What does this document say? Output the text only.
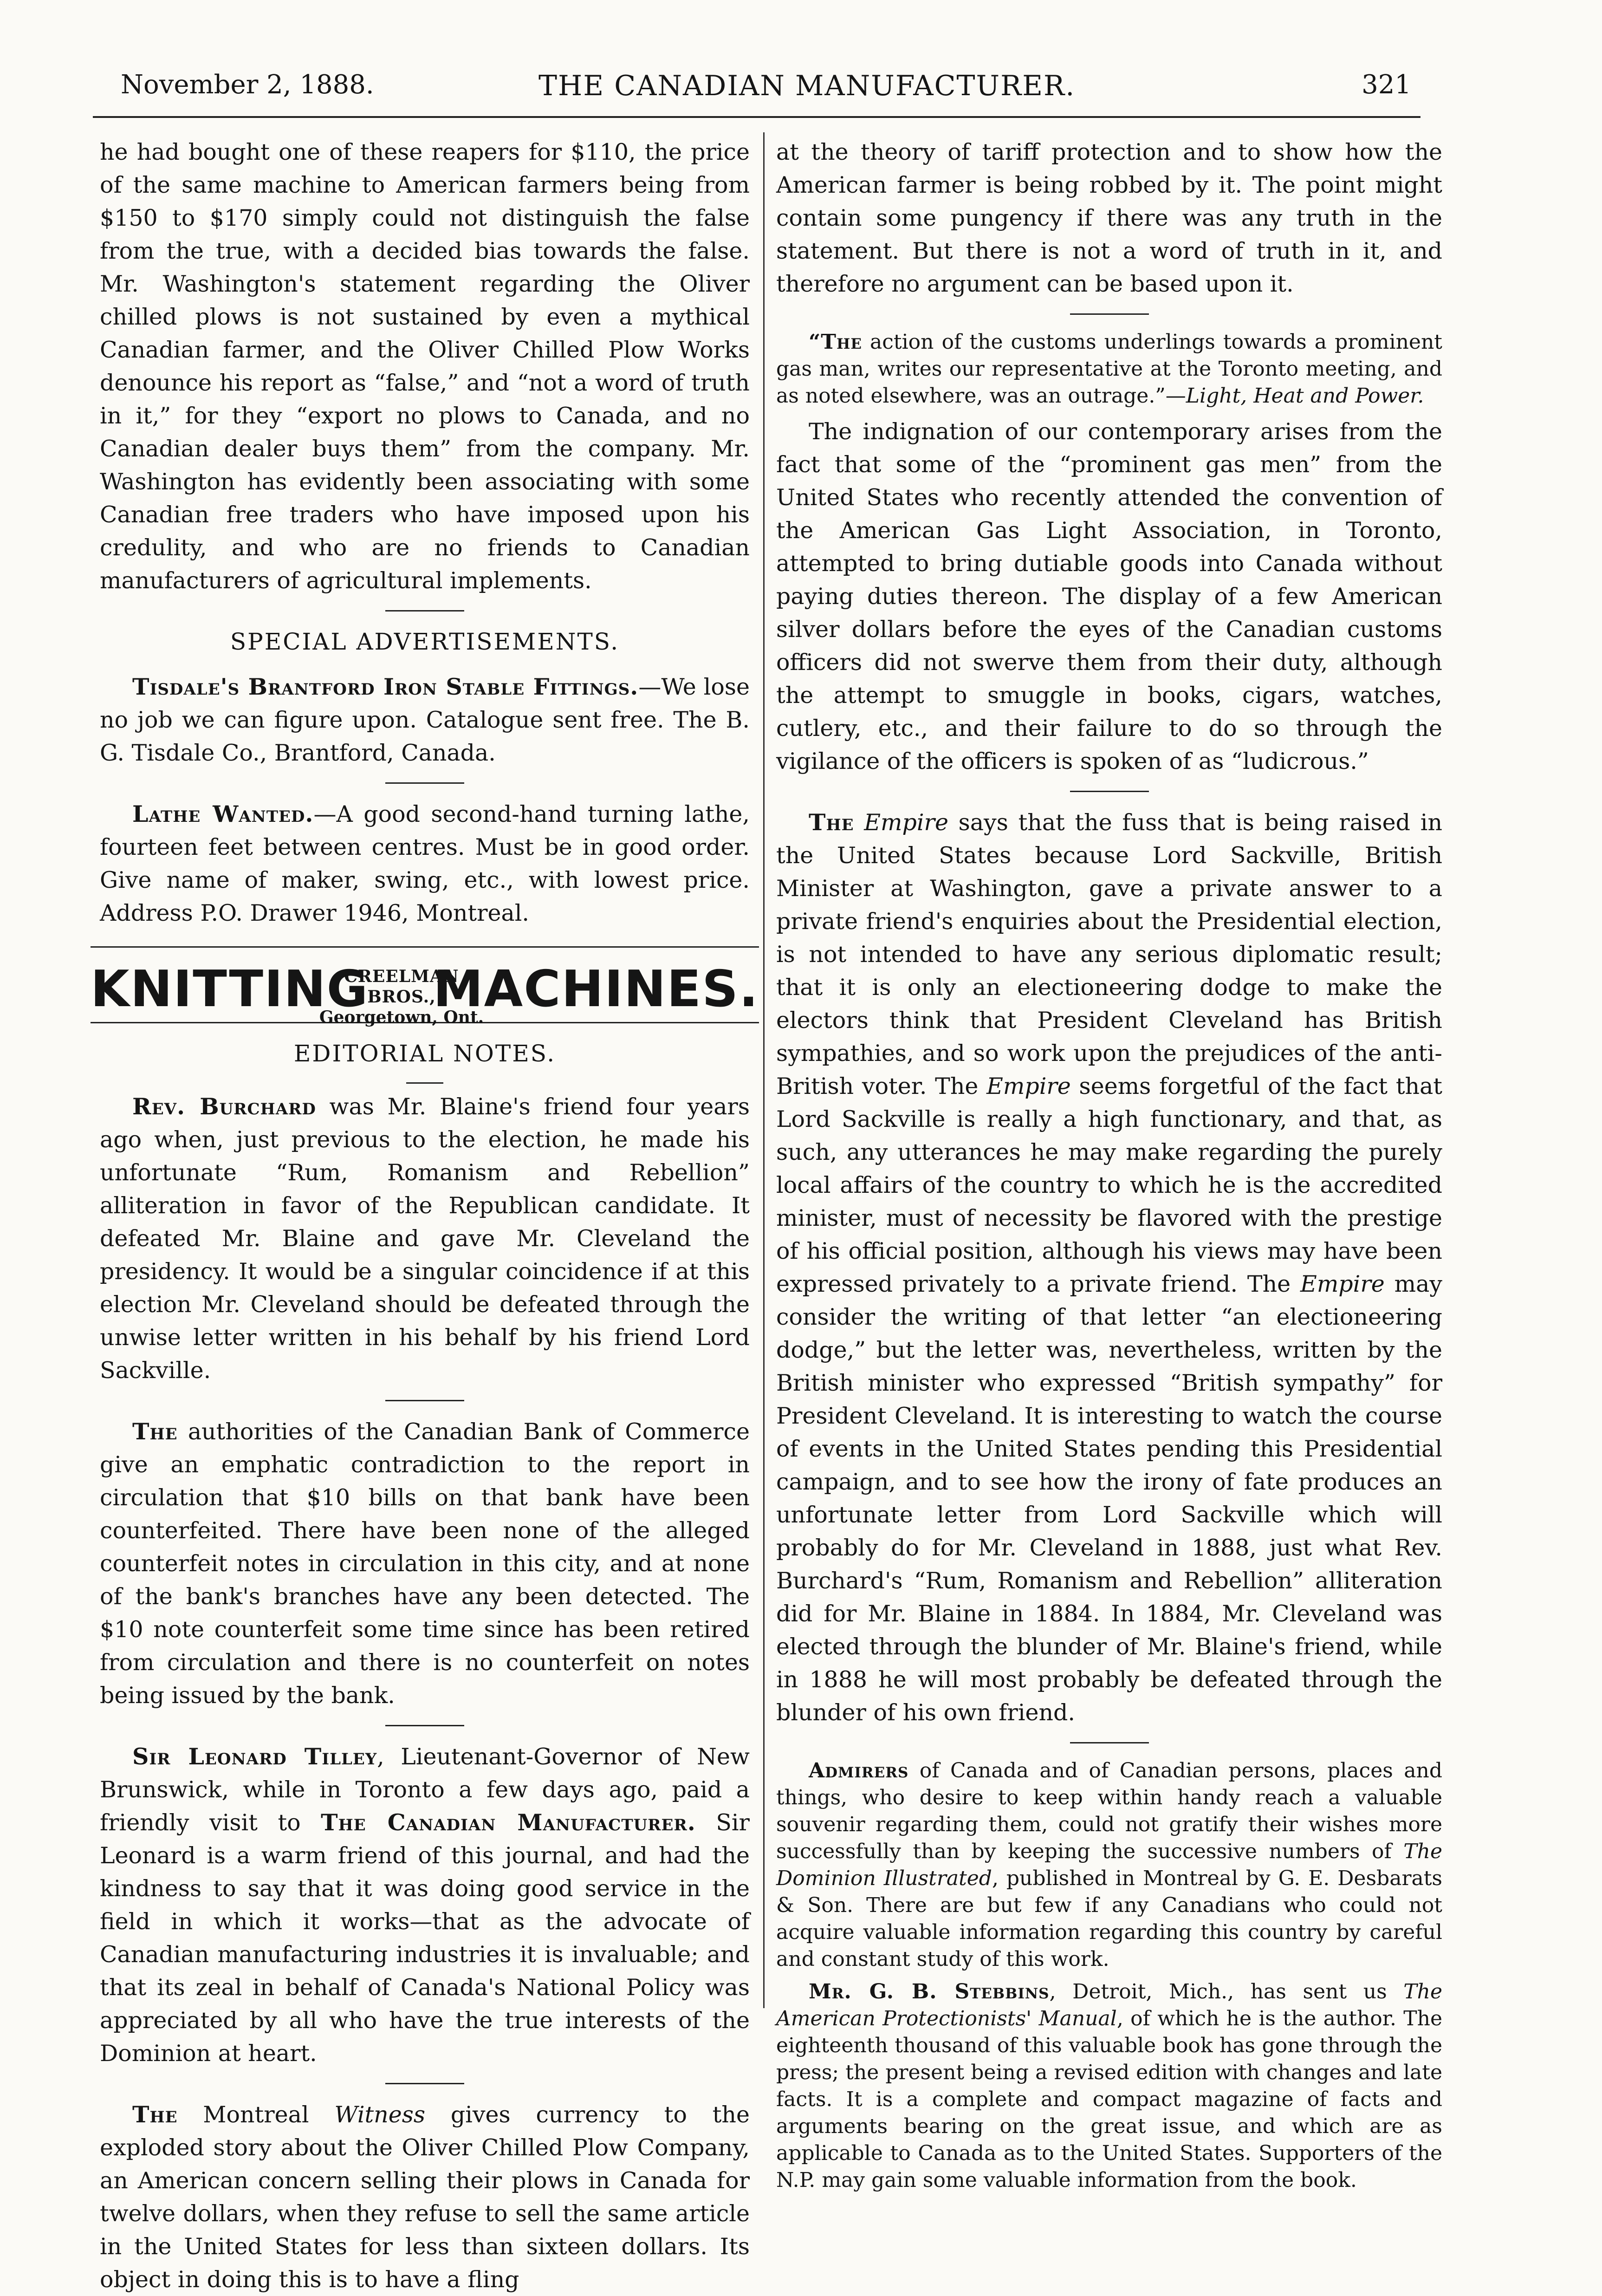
November 2, 1888.	THE CANADIAN MANUFACTURER.	321

he had bought one of these reapers for $110, the price of the same machine to American farmers being from $150 to $170 simply could not distinguish the false from the true, with a decided bias towards the false. Mr. Washington's statement regarding the Oliver chilled plows is not sustained by even a mythical Canadian farmer, and the Oliver Chilled Plow Works denounce his report as “false,” and “not a word of truth in it,” for they “export no plows to Canada, and no Canadian dealer buys them” from the company. Mr. Washington has evidently been associating with some Canadian free traders who have imposed upon his credulity, and who are no friends to Canadian manufacturers of agricultural implements.

SPECIAL ADVERTISEMENTS.

Tisdale's Brantford Iron Stable Fittings.—We lose no job we can figure upon. Catalogue sent free. The B. G. Tisdale Co., Brantford, Canada.

Lathe Wanted.—A good second-hand turning lathe, fourteen feet between centres. Must be in good order. Give name of maker, swing, etc., with lowest price. Address P.O. Drawer 1946, Montreal.

KNITTING
CREELMAN BROS.,
Georgetown, Ont.
MACHINES.
EDITORIAL NOTES.

Rev. Burchard was Mr. Blaine's friend four years ago when, just previous to the election, he made his unfortunate “Rum, Romanism and Rebellion” alliteration in favor of the Republican candidate. It defeated Mr. Blaine and gave Mr. Cleveland the presidency. It would be a singular coincidence if at this election Mr. Cleveland should be defeated through the unwise letter written in his behalf by his friend Lord Sackville.

The authorities of the Canadian Bank of Commerce give an emphatic contradiction to the report in circulation that $10 bills on that bank have been counterfeited. There have been none of the alleged counterfeit notes in circulation in this city, and at none of the bank's branches have any been detected. The $10 note counterfeit some time since has been retired from circulation and there is no counterfeit on notes being issued by the bank.

Sir Leonard Tilley, Lieutenant-Governor of New Brunswick, while in Toronto a few days ago, paid a friendly visit to The Canadian Manufacturer. Sir Leonard is a warm friend of this journal, and had the kindness to say that it was doing good service in the field in which it works—that as the advocate of Canadian manufacturing industries it is invaluable; and that its zeal in behalf of Canada's National Policy was appreciated by all who have the true interests of the Dominion at heart.

The Montreal Witness gives currency to the exploded story about the Oliver Chilled Plow Company, an American concern selling their plows in Canada for twelve dollars, when they refuse to sell the same article in the United States for less than sixteen dollars. Its object in doing this is to have a fling

at the theory of tariff protection and to show how the American farmer is being robbed by it. The point might contain some pungency if there was any truth in the statement. But there is not a word of truth in it, and therefore no argument can be based upon it.

“The action of the customs underlings towards a prominent gas man, writes our representative at the Toronto meeting, and as noted elsewhere, was an outrage.”—Light, Heat and Power.

The indignation of our contemporary arises from the fact that some of the “prominent gas men” from the United States who recently attended the convention of the American Gas Light Association, in Toronto, attempted to bring dutiable goods into Canada without paying duties thereon. The display of a few American silver dollars before the eyes of the Canadian customs officers did not swerve them from their duty, although the attempt to smuggle in books, cigars, watches, cutlery, etc., and their failure to do so through the vigilance of the officers is spoken of as “ludicrous.”

The Empire says that the fuss that is being raised in the United States because Lord Sackville, British Minister at Washington, gave a private answer to a private friend's enquiries about the Presidential election, is not intended to have any serious diplomatic result; that it is only an electioneering dodge to make the electors think that President Cleveland has British sympathies, and so work upon the prejudices of the anti-British voter. The Empire seems forgetful of the fact that Lord Sackville is really a high functionary, and that, as such, any utterances he may make regarding the purely local affairs of the country to which he is the accredited minister, must of necessity be flavored with the prestige of his official position, although his views may have been expressed privately to a private friend. The Empire may consider the writing of that letter “an electioneering dodge,” but the letter was, nevertheless, written by the British minister who expressed “British sympathy” for President Cleveland. It is interesting to watch the course of events in the United States pending this Presidential campaign, and to see how the irony of fate produces an unfortunate letter from Lord Sackville which will probably do for Mr. Cleveland in 1888, just what Rev. Burchard's “Rum, Romanism and Rebellion” alliteration did for Mr. Blaine in 1884. In 1884, Mr. Cleveland was elected through the blunder of Mr. Blaine's friend, while in 1888 he will most probably be defeated through the blunder of his own friend.

Admirers of Canada and of Canadian persons, places and things, who desire to keep within handy reach a valuable souvenir regarding them, could not gratify their wishes more successfully than by keeping the successive numbers of The Dominion Illustrated, published in Montreal by G. E. Desbarats & Son. There are but few if any Canadians who could not acquire valuable information regarding this country by careful and constant study of this work.

Mr. G. B. Stebbins, Detroit, Mich., has sent us The American Protectionists' Manual, of which he is the author. The eighteenth thousand of this valuable book has gone through the press; the present being a revised edition with changes and late facts. It is a complete and compact magazine of facts and arguments bearing on the great issue, and which are as applicable to Canada as to the United States. Supporters of the N.P. may gain some valuable information from the book.
